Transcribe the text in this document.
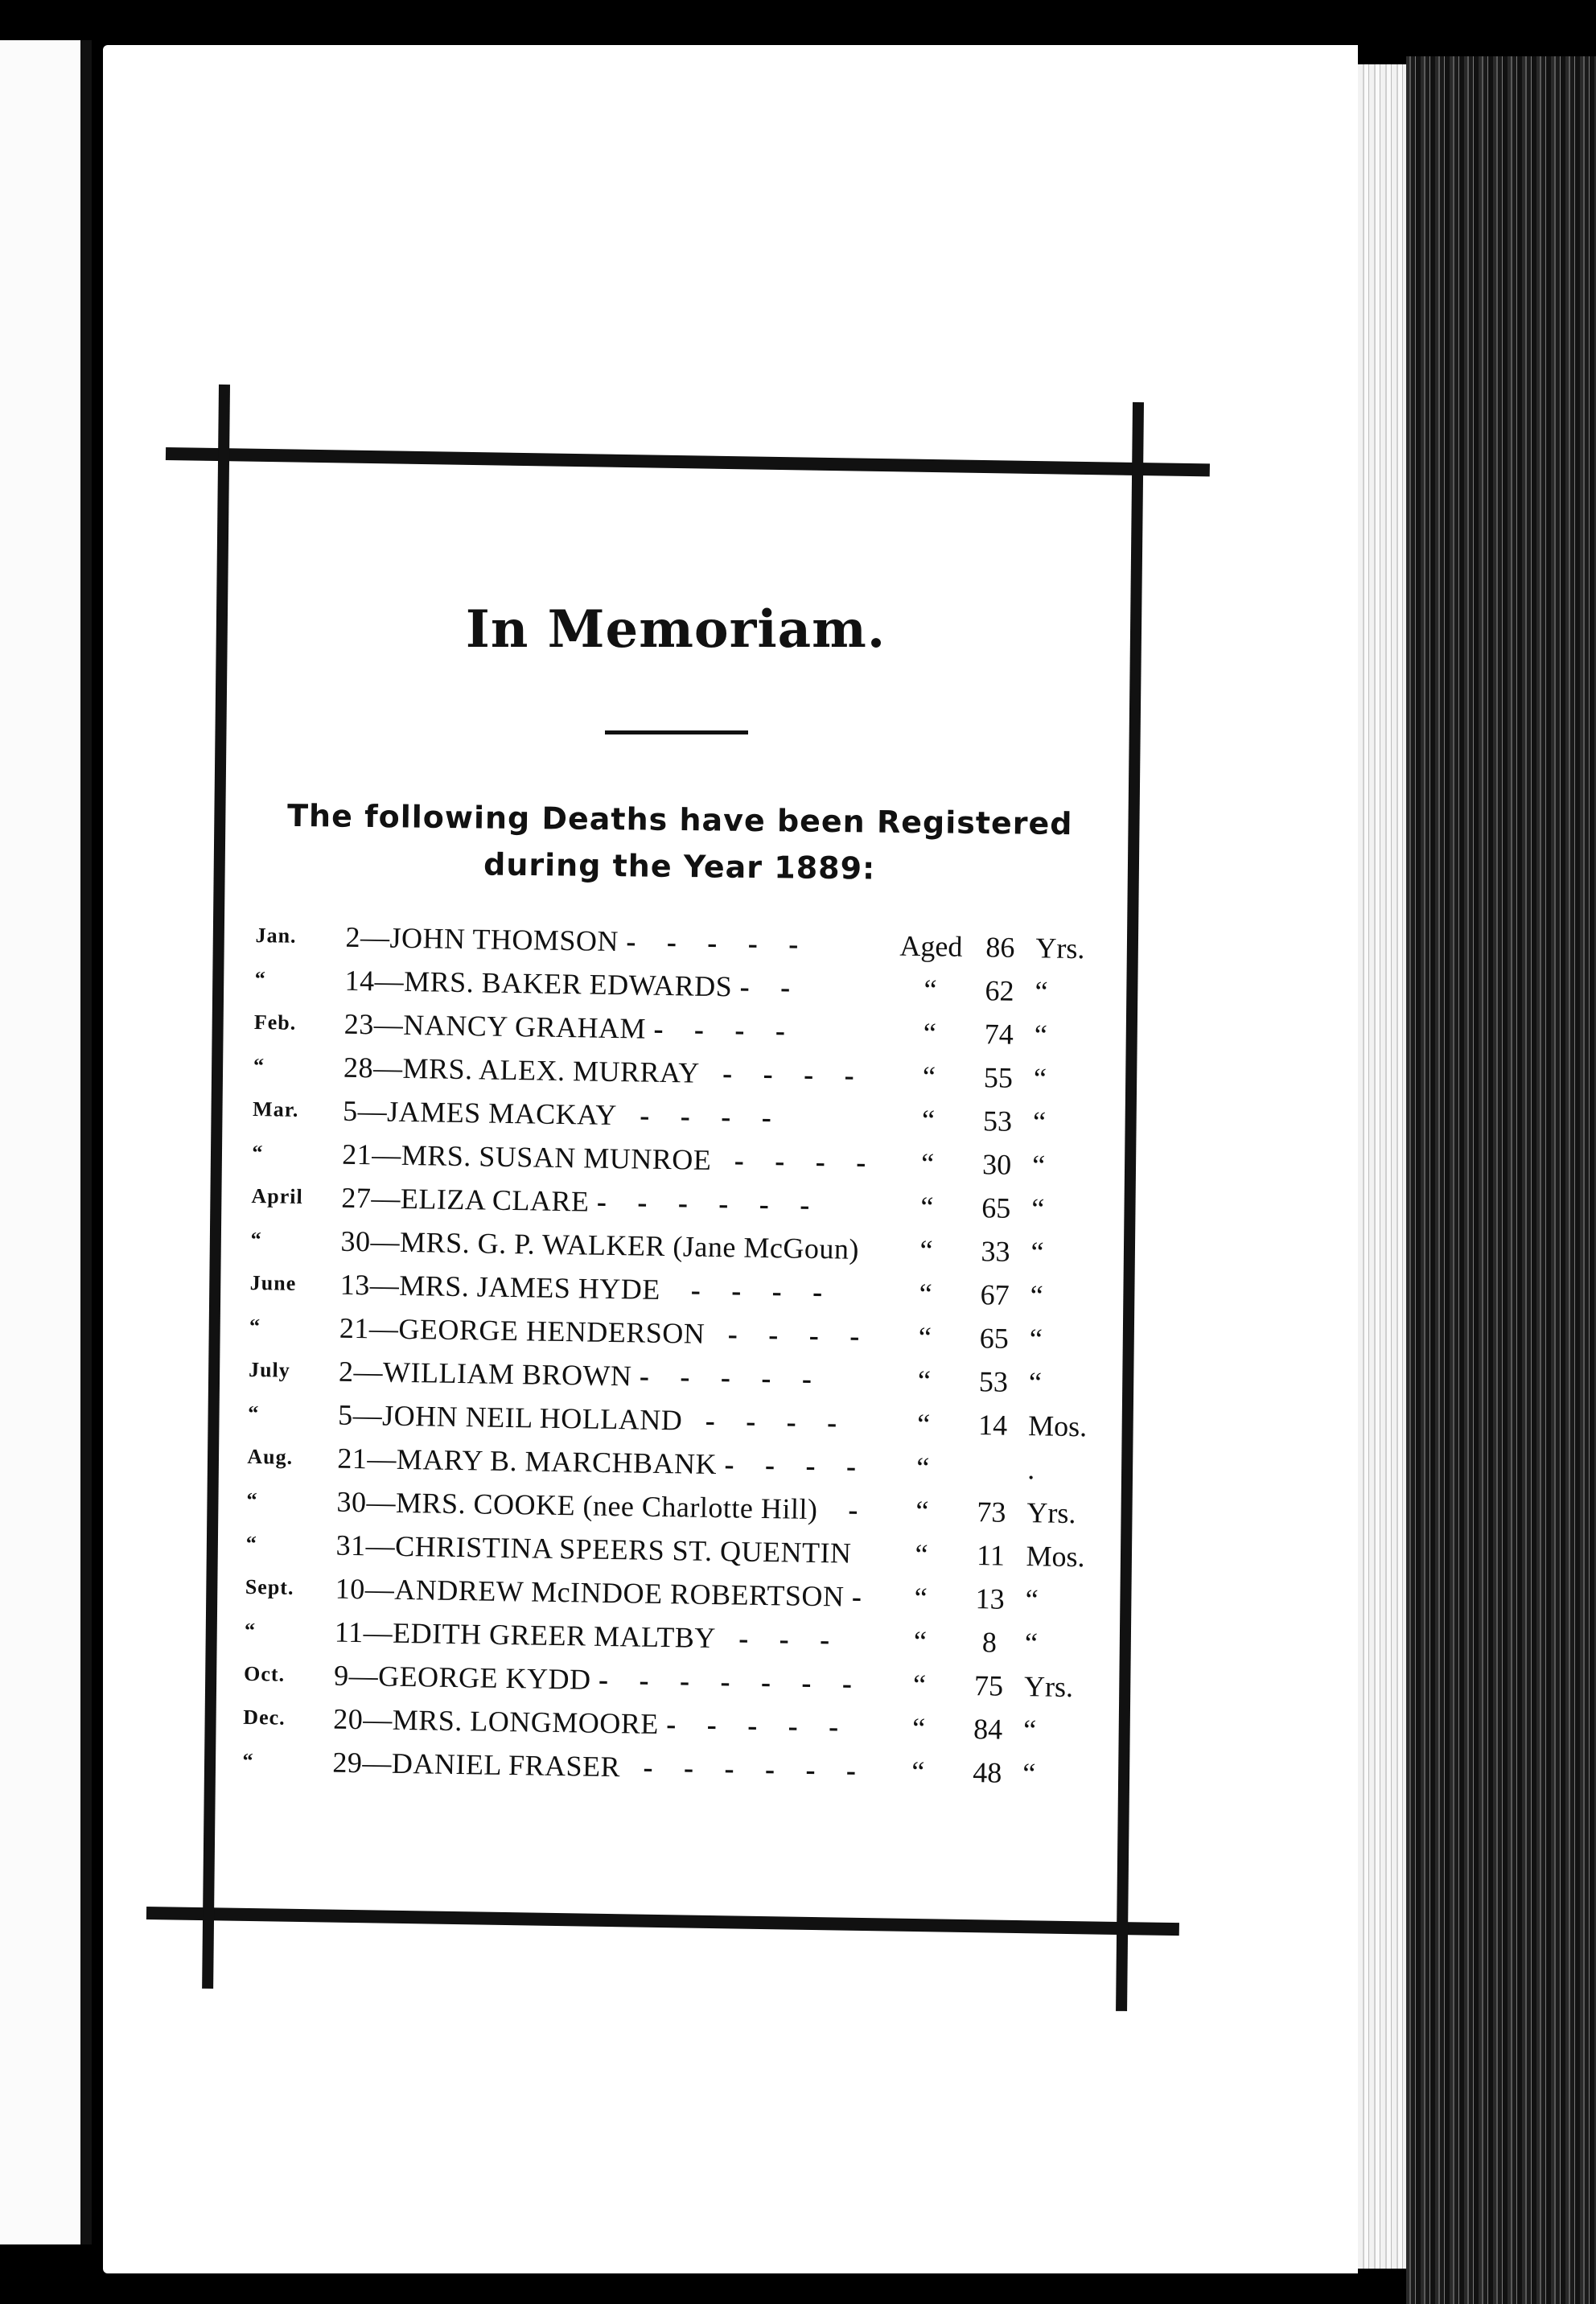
In Memoriam.
The following Deaths have been Registered
during the Year 1889:
Jan.	2—JOHN THOMSON -    -    -    -    -	Aged 86 Yrs.
“	14—MRS. BAKER EDWARDS -    -	“	62 “
Feb.	23—NANCY GRAHAM -    -    -    -	“	74 “
“	28—MRS. ALEX. MURRAY   -    -    -    -	“	55 “
Mar.	5—JAMES MACKAY   -    -    -    -	“	53 “
“	21—MRS. SUSAN MUNROE   -    -    -    -	“	30 “
April	27—ELIZA CLARE -    -    -    -    -    -	“	65 “
“	30—MRS. G. P. WALKER (Jane McGoun)	“	33 “
June	13—MRS. JAMES HYDE    -    -    -    -	“	67 “
“	21—GEORGE HENDERSON   -    -    -    -	“	65 “
July	2—WILLIAM BROWN -    -    -    -    -	“	53 “
“	5—JOHN NEIL HOLLAND   -    -    -    -	“	14 Mos.
Aug.	21—MARY B. MARCHBANK -    -    -    -	“	.
“	30—MRS. COOKE (nee Charlotte Hill)    -	“	73 Yrs.
“	31—CHRISTINA SPEERS ST. QUENTIN	“	11 Mos.
Sept.	10—ANDREW McINDOE ROBERTSON -	“	13 “
“	11—EDITH GREER MALTBY   -    -    -	“	8 “
Oct.	9—GEORGE KYDD -    -    -    -    -    -    -	“	75 Yrs.
Dec.	20—MRS. LONGMOORE -    -    -    -    -	“	84 “
“	29—DANIEL FRASER   -    -    -    -    -    -	“	48 “
